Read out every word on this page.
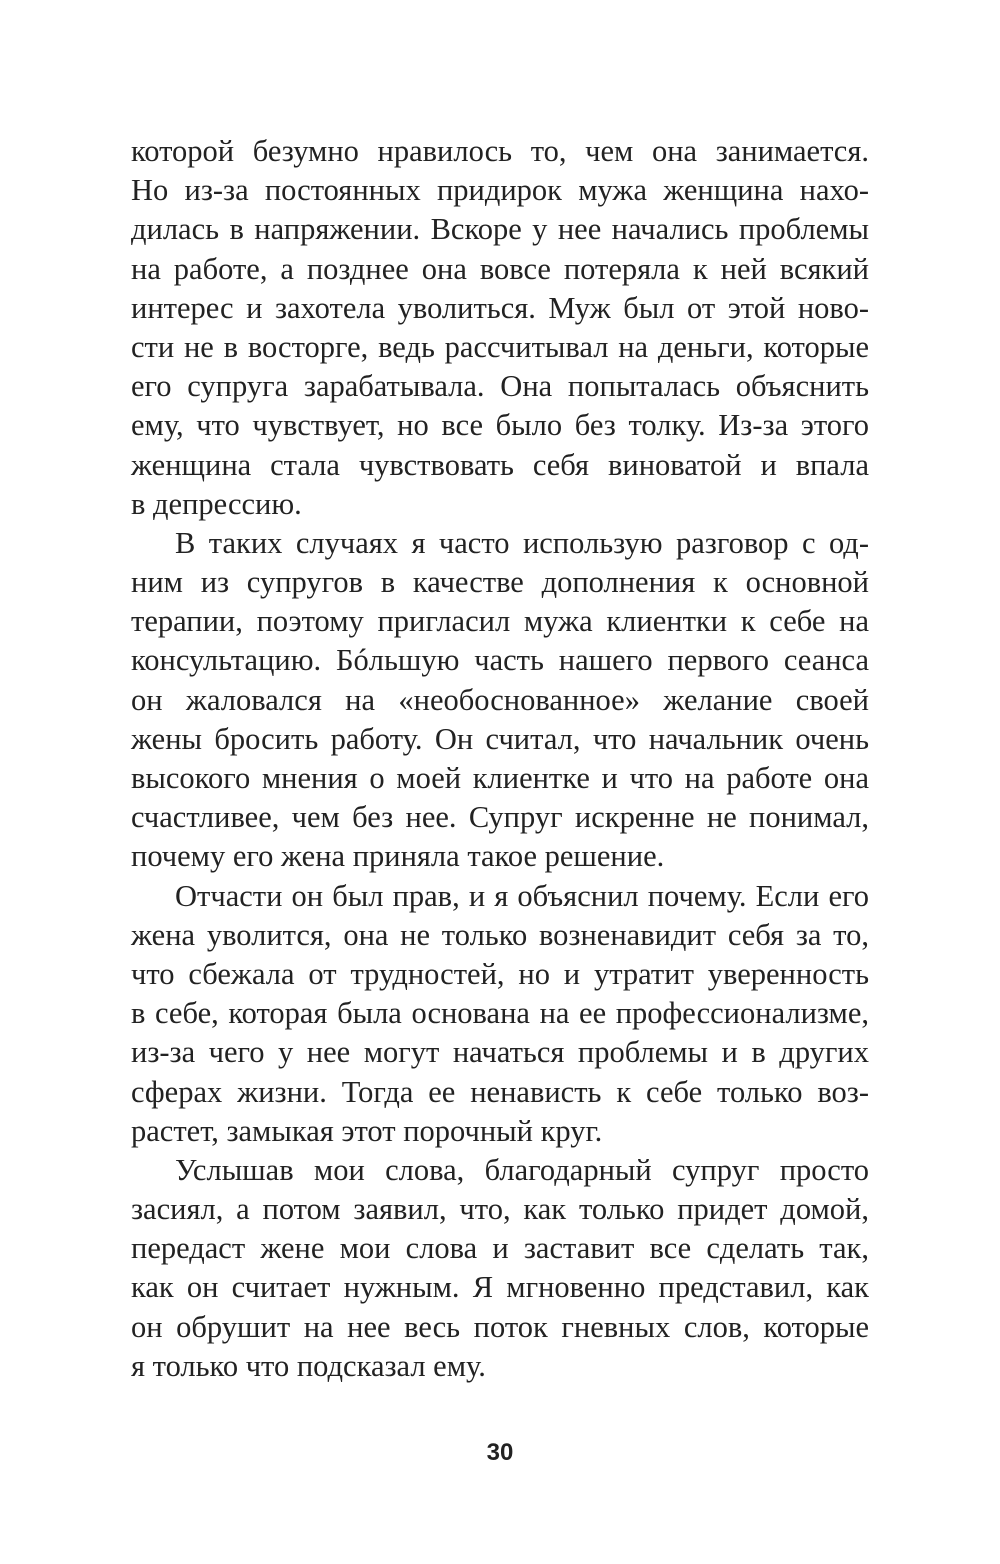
которой безумно нравилось то, чем она занимается.
Но из-за постоянных придирок мужа женщина нахо-
дилась в напряжении. Вскоре у нее начались проблемы
на работе, а позднее она вовсе потеряла к ней всякий
интерес и захотела уволиться. Муж был от этой ново-
сти не в восторге, ведь рассчитывал на деньги, которые
его супруга зарабатывала. Она попыталась объяснить
ему, что чувствует, но все было без толку. Из-за этого
женщина стала чувствовать себя виноватой и впала
в депрессию.
В таких случаях я часто использую разговор с од-
ним из супругов в качестве дополнения к основной
терапии, поэтому пригласил мужа клиентки к себе на
консультацию. Бóльшую часть нашего первого сеанса
он жаловался на «необоснованное» желание своей
жены бросить работу. Он считал, что начальник очень
высокого мнения о моей клиентке и что на работе она
счастливее, чем без нее. Супруг искренне не понимал,
почему его жена приняла такое решение.
Отчасти он был прав, и я объяснил почему. Если его
жена уволится, она не только возненавидит себя за то,
что сбежала от трудностей, но и утратит уверенность
в себе, которая была основана на ее профессионализме,
из-за чего у нее могут начаться проблемы и в других
сферах жизни. Тогда ее ненависть к себе только воз-
растет, замыкая этот порочный круг.
Услышав мои слова, благодарный супруг просто
засиял, а потом заявил, что, как только придет домой,
передаст жене мои слова и заставит все сделать так,
как он считает нужным. Я мгновенно представил, как
он обрушит на нее весь поток гневных слов, которые
я только что подсказал ему.
30
